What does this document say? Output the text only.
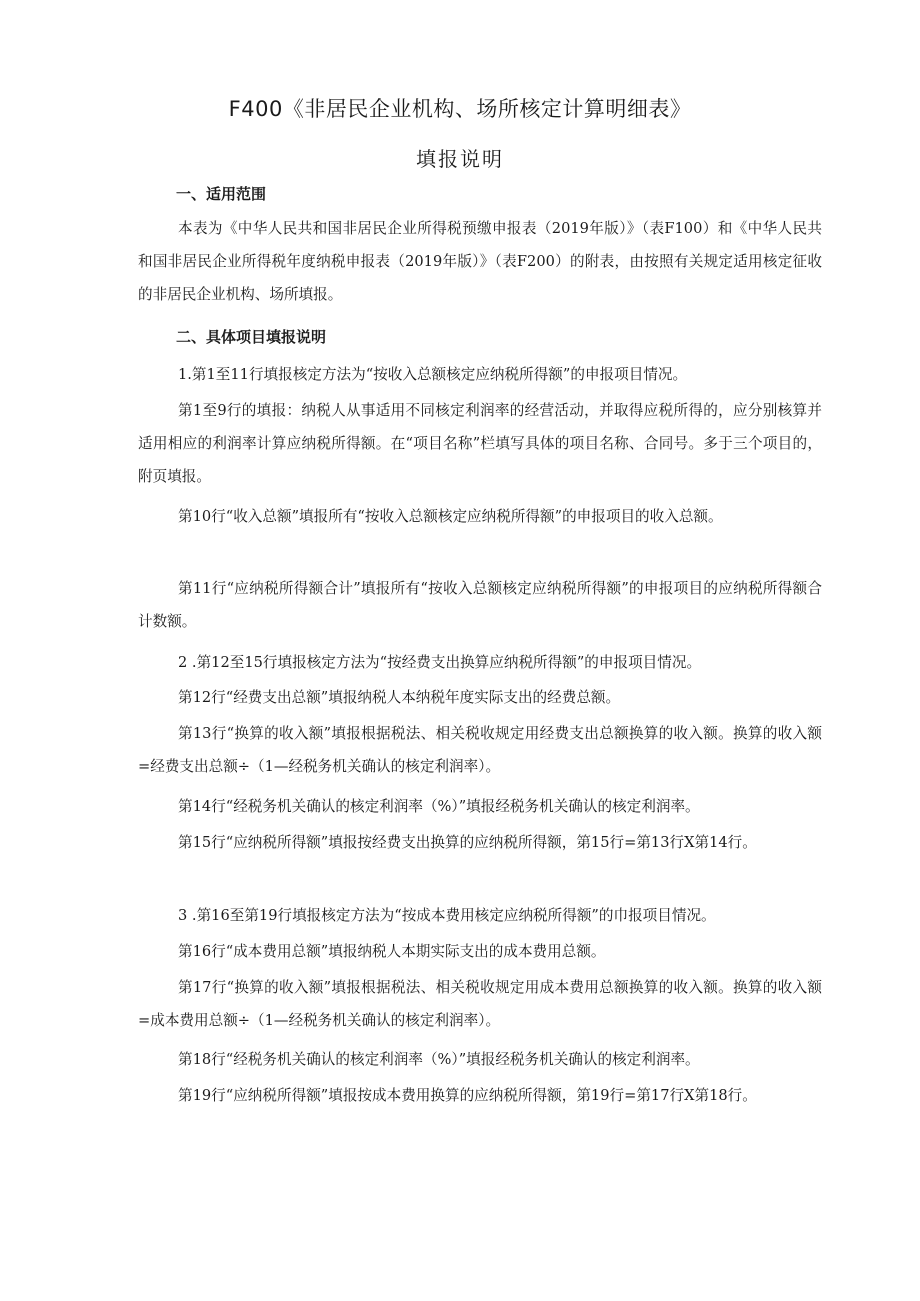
F400《非居民企业机构、场所核定计算明细表》
填报说明
一、适用范围

本表为《中华人民共和国非居民企业所得税预缴申报表（2019年版）》（表F100）和《中华人民共和国非居民企业所得税年度纳税申报表（2019年版）》（表F200）的附表，由按照有关规定适用核定征收的非居民企业机构、场所填报。

二、具体项目填报说明

1.第1至11行填报核定方法为“按收入总额核定应纳税所得额”的申报项目情况。

第1至9行的填报：纳税人从事适用不同核定利润率的经营活动，并取得应税所得的，应分别核算并适用相应的利润率计算应纳税所得额。在“项目名称”栏填写具体的项目名称、合同号。多于三个项目的，附页填报。

第10行“收入总额”填报所有“按收入总额核定应纳税所得额”的申报项目的收入总额。

第11行“应纳税所得额合计”填报所有“按收入总额核定应纳税所得额”的申报项目的应纳税所得额合计数额。

2 .第12至15行填报核定方法为“按经费支出换算应纳税所得额”的申报项目情况。

第12行“经费支出总额”填报纳税人本纳税年度实际支出的经费总额。

第13行“换算的收入额”填报根据税法、相关税收规定用经费支出总额换算的收入额。换算的收入额=经费支出总额÷（1—经税务机关确认的核定利润率）。

第14行“经税务机关确认的核定利润率（%）”填报经税务机关确认的核定利润率。

第15行“应纳税所得额”填报按经费支出换算的应纳税所得额，第15行=第13行X第14行。

3 .第16至第19行填报核定方法为“按成本费用核定应纳税所得额”的巾报项目情况。

第16行“成本费用总额”填报纳税人本期实际支出的成本费用总额。

第17行“换算的收入额”填报根据税法、相关税收规定用成本费用总额换算的收入额。换算的收入额=成本费用总额÷（1—经税务机关确认的核定利润率）。

第18行“经税务机关确认的核定利润率（%）”填报经税务机关确认的核定利润率。

第19行“应纳税所得额”填报按成本费用换算的应纳税所得额，第19行=第17行X第18行。
